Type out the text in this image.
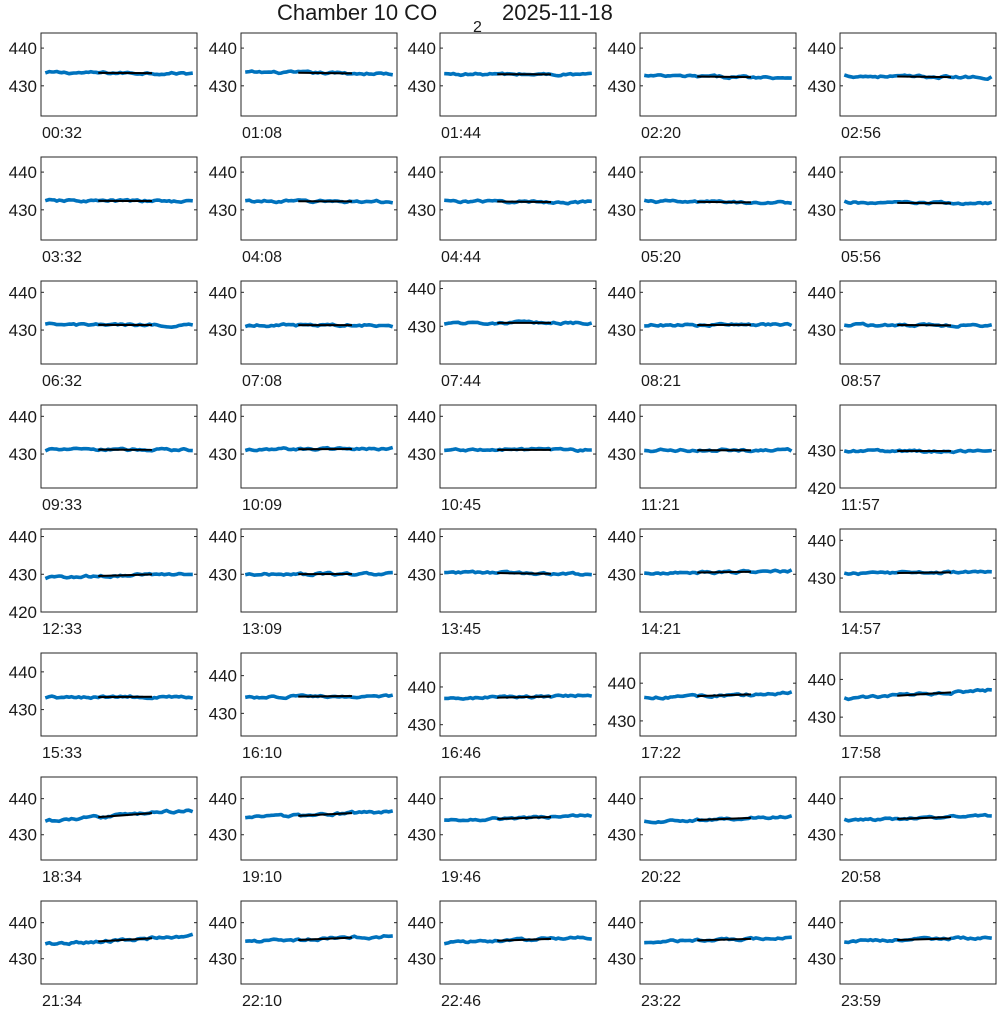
Chamber 10 CO
2
2025-11-18
430
440
00:32
430
440
01:08
430
440
01:44
430
440
02:20
430
440
02:56
430
440
03:32
430
440
04:08
430
440
04:44
430
440
05:20
430
440
05:56
430
440
06:32
430
440
07:08
430
440
07:44
430
440
08:21
430
440
08:57
430
440
09:33
430
440
10:09
430
440
10:45
430
440
11:21
420
430
11:57
420
430
440
12:33
430
440
13:09
430
440
13:45
430
440
14:21
430
440
14:57
430
440
15:33
430
440
16:10
430
440
16:46
430
440
17:22
430
440
17:58
430
440
18:34
430
440
19:10
430
440
19:46
430
440
20:22
430
440
20:58
430
440
21:34
430
440
22:10
430
440
22:46
430
440
23:22
430
440
23:59
